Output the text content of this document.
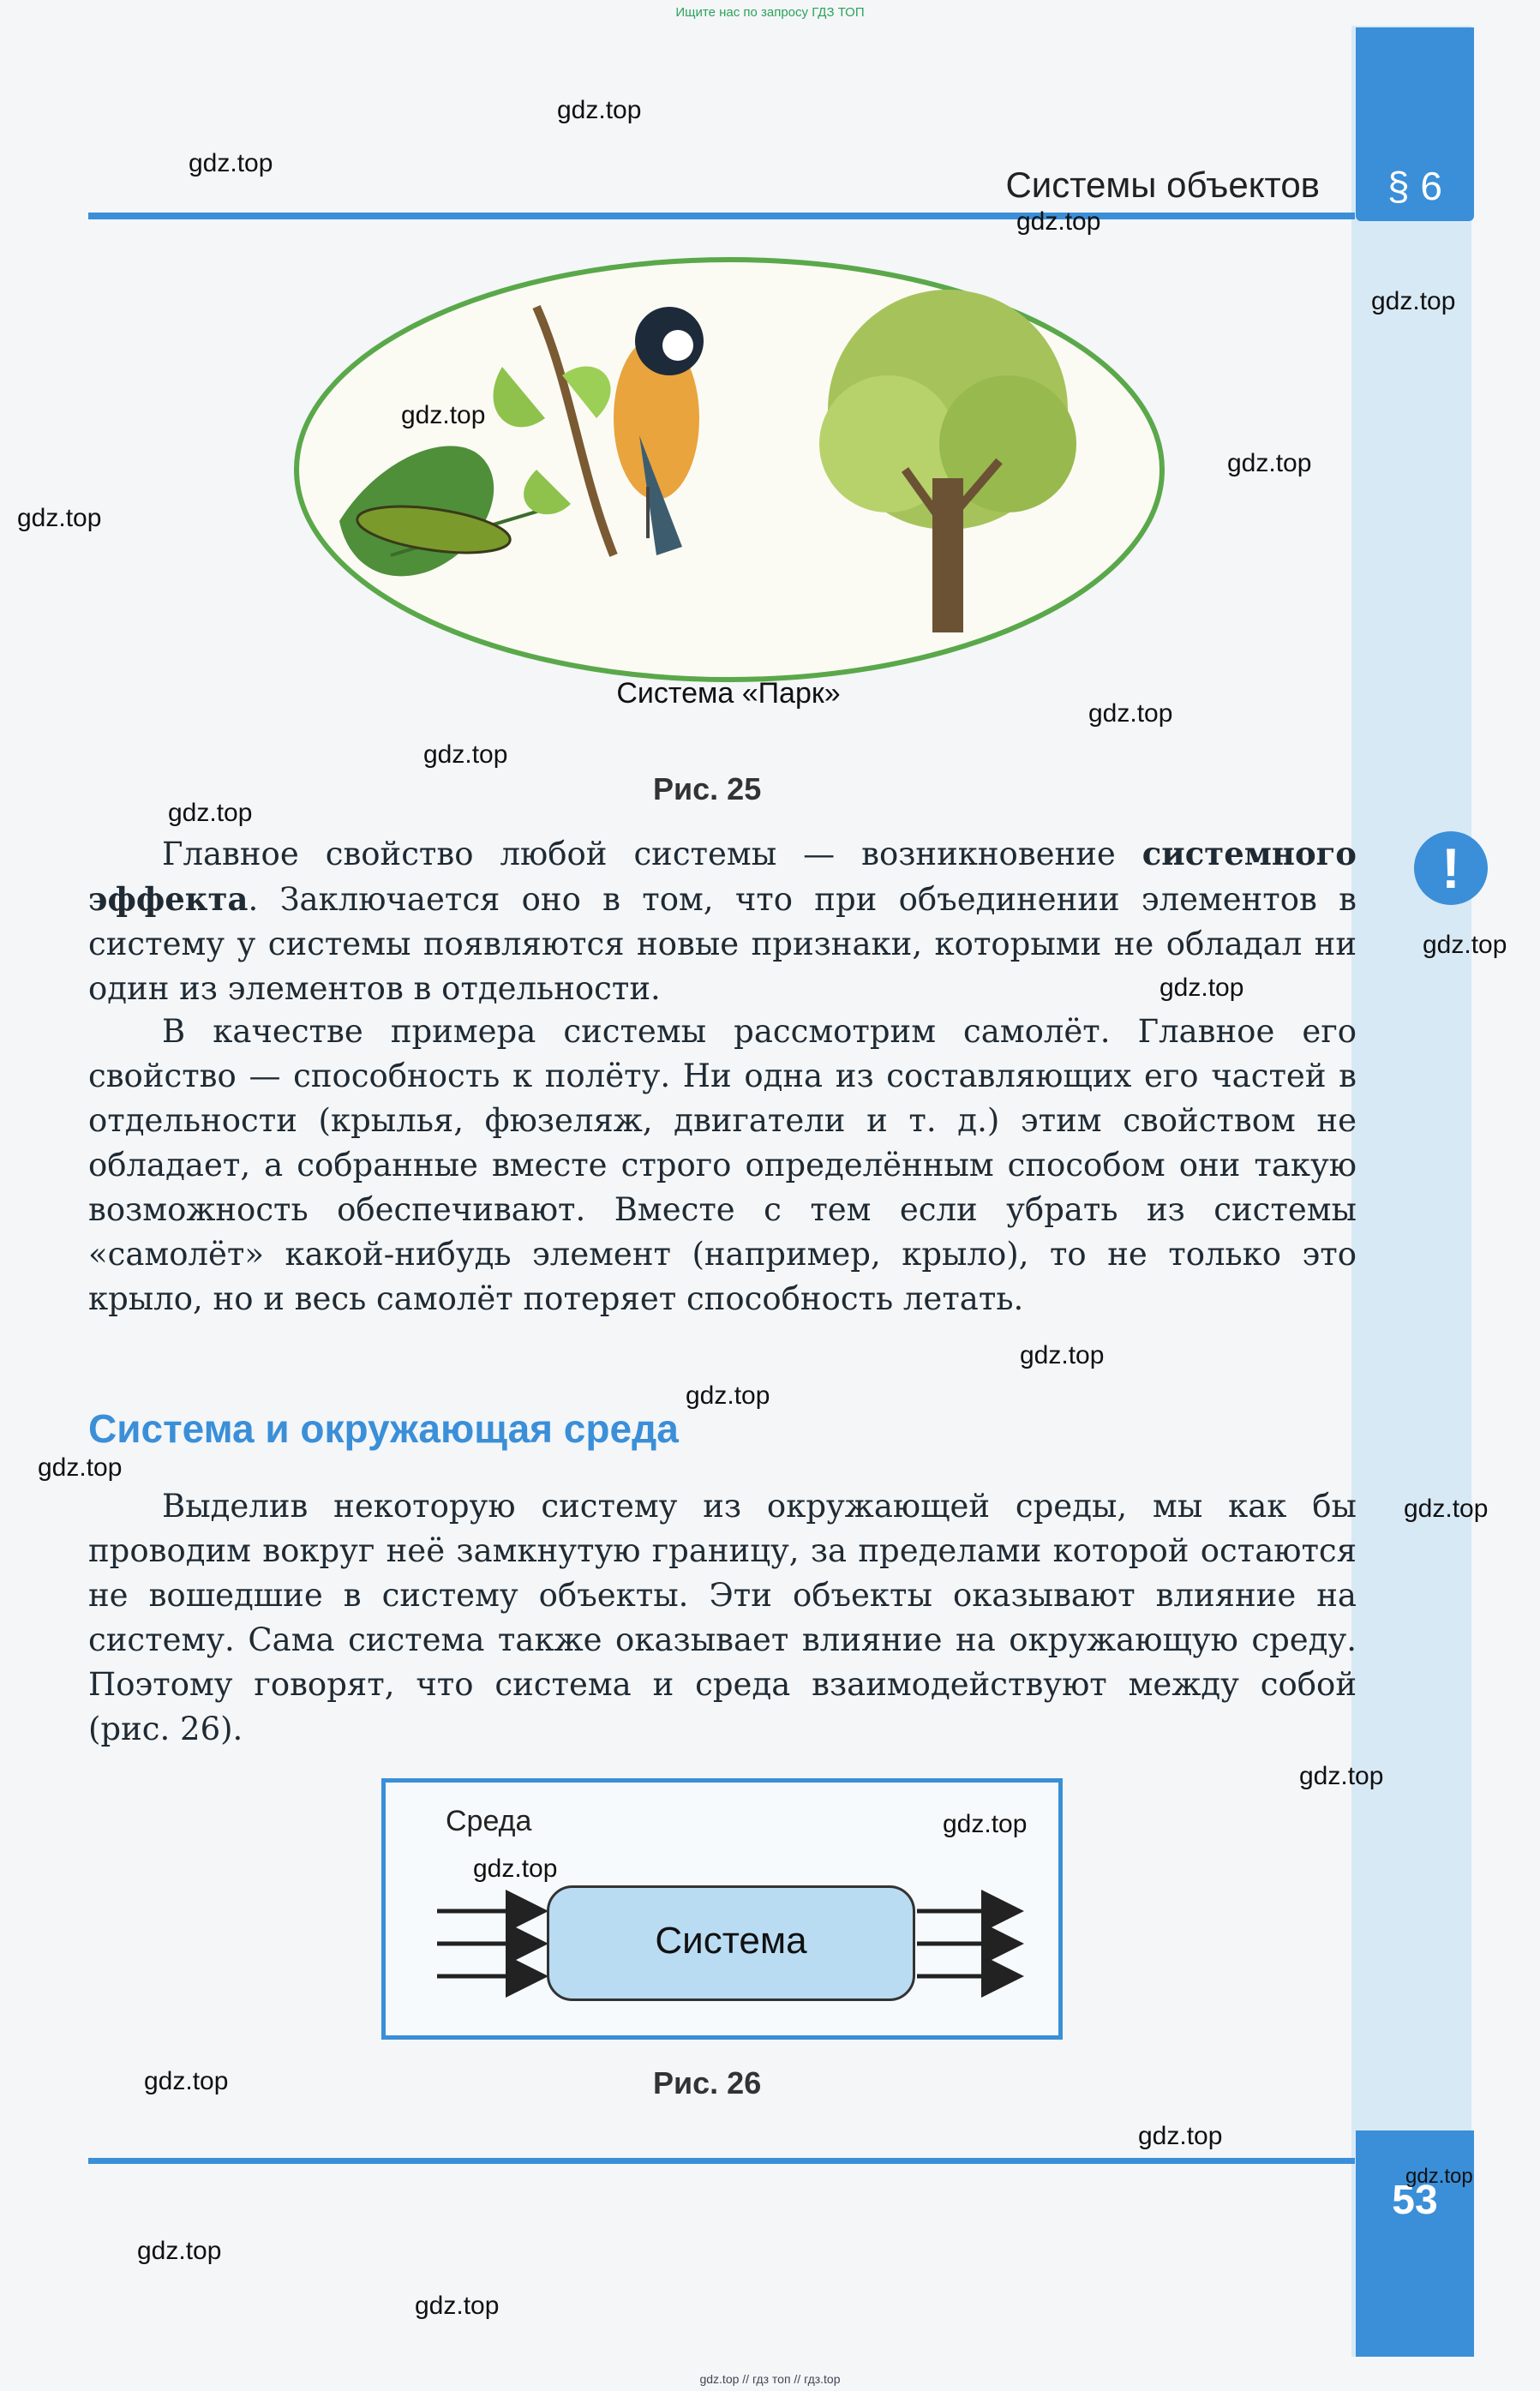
Ищите нас по запросу ГДЗ ТОП
§ 6
Системы объектов
Система «Парк»
Рис. 25
!

Главное свойство любой системы — возникновение системного эффекта. Заключается оно в том, что при объединении элементов в систему у системы появляются новые признаки, которыми не обладал ни один из элементов в отдельности.

В качестве примера системы рассмотрим самолёт. Главное его свойство — способность к полёту. Ни одна из составляющих его частей в отдельности (крылья, фюзеляж, двигатели и т. д.) этим свойством не обладает, а собранные вместе строго определённым способом они такую возможность обеспечивают. Вместе с тем если убрать из системы «самолёт» какой-нибудь элемент (например, крыло), то не только это крыло, но и весь самолёт потеряет способность летать.

Система и окружающая среда

Выделив некоторую систему из окружающей среды, мы как бы проводим вокруг неё замкнутую границу, за пределами которой остаются не вошедшие в систему объекты. Эти объекты оказывают влияние на систему. Сама система также оказывает влияние на окружающую среду. Поэтому говорят, что система и среда взаимодействуют между собой (рис. 26).

Среда
Система
Рис. 26
53
gdz.top
gdz.top
gdz.top
gdz.top
gdz.top
gdz.top
gdz.top
gdz.top
gdz.top
gdz.top
gdz.top
gdz.top
gdz.top
gdz.top
gdz.top
gdz.top
gdz.top
gdz.top
gdz.top
gdz.top
gdz.top
gdz.top
gdz.top
gdz.top
gdz.top // гдз топ // гдз.top
